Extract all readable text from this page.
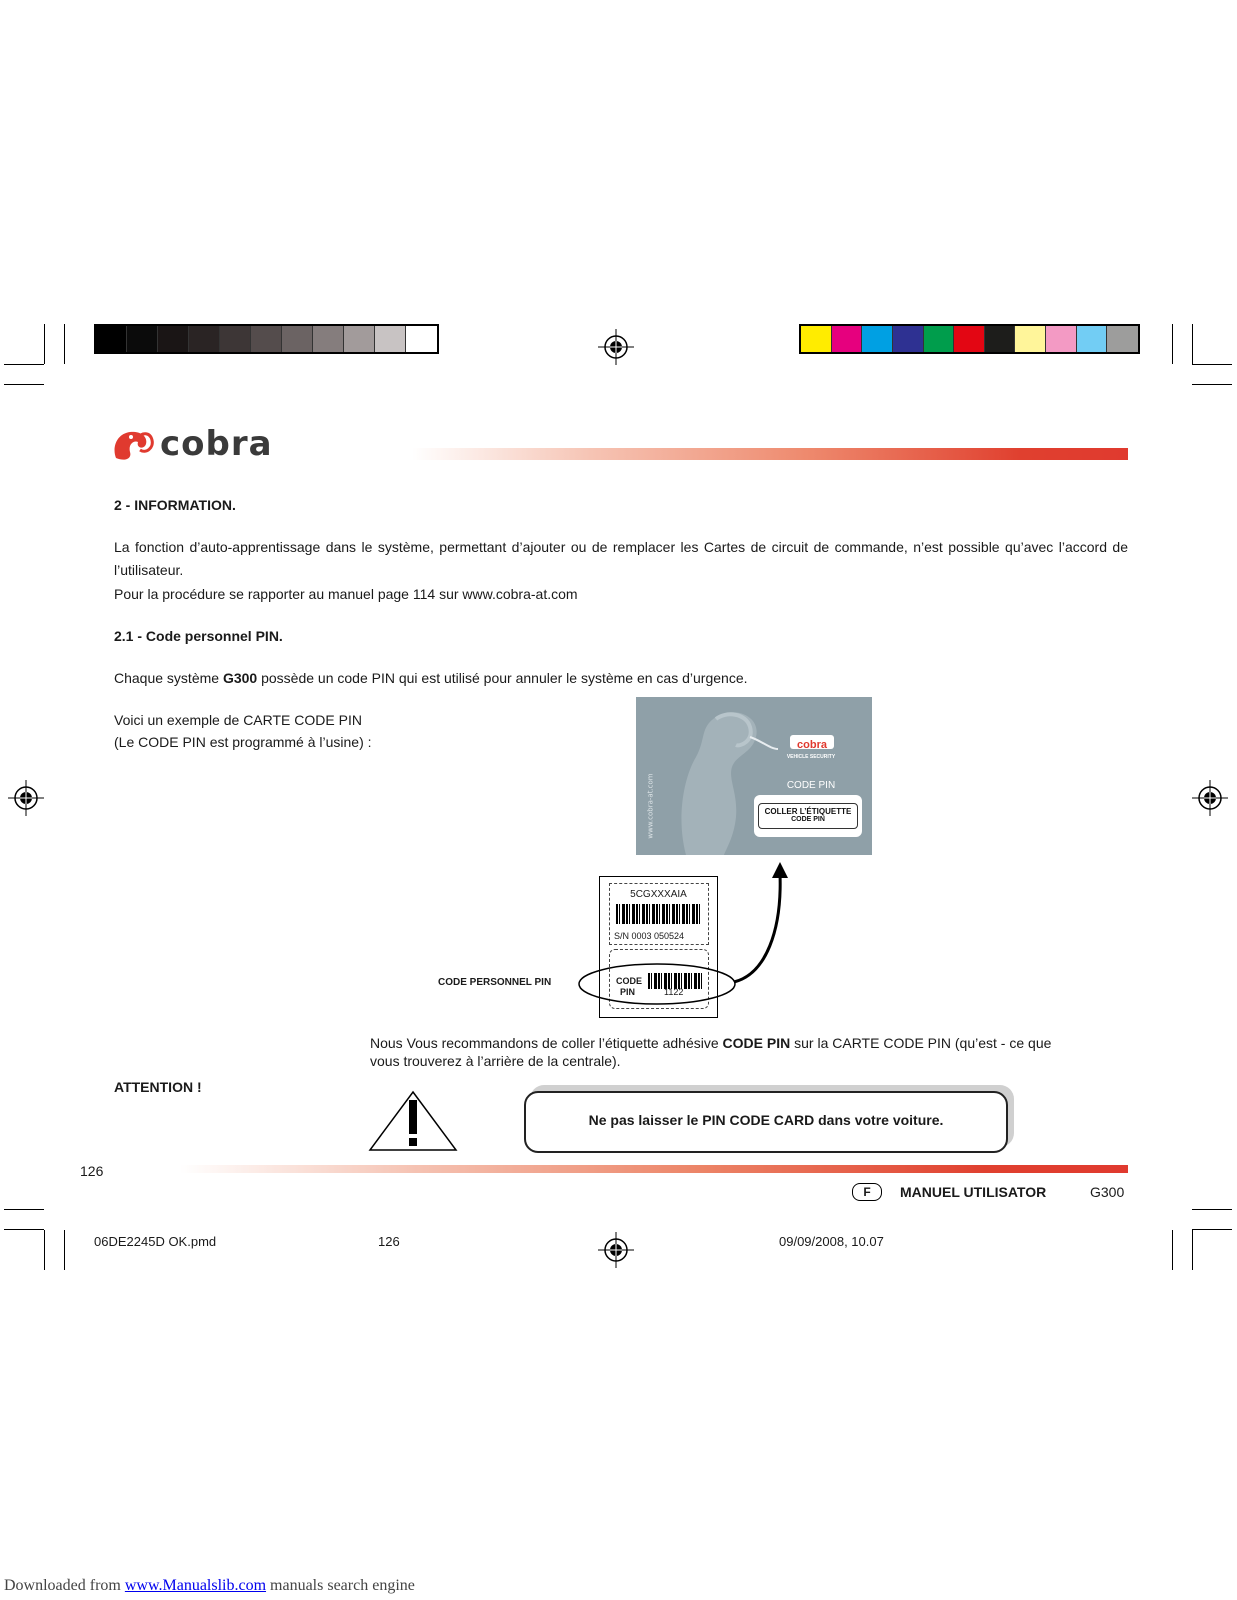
cobra
2 - INFORMATION.
La fonction d’auto-apprentissage dans le système, permettant d’ajouter ou de remplacer les Cartes de circuit de commande, n’est possible qu’avec l’accord de l’utilisateur.
Pour la procédure se rapporter au manuel page 114 sur www.cobra-at.com
2.1 - Code personnel PIN.
Chaque système G300 possède un code PIN qui est utilisé pour annuler le système en cas d’urgence.
Voici un exemple de CARTE CODE PIN
(Le CODE PIN est programmé à l’usine) :
www.cobra-at.com
$_{cobra}$
VEHICLE SECURITY
CODE PIN
COLLER L’ÉTIQUETTE
CODE PIN
5CGXXXAIA
S/N 0003 050524
CODE
PIN	1122
CODE PERSONNEL PIN
Nous Vous recommandons de coller l’étiquette adhésive CODE PIN sur la CARTE CODE PIN (qu’est - ce que
vous trouverez à l’arrière de la centrale).
ATTENTION !
Ne pas laisser le PIN CODE CARD dans votre voiture.
126
F	MANUEL UTILISATOR	G300
06DE2245D OK.pmd	126	09/09/2008, 10.07
Downloaded from www.Manualslib.com manuals search engine
